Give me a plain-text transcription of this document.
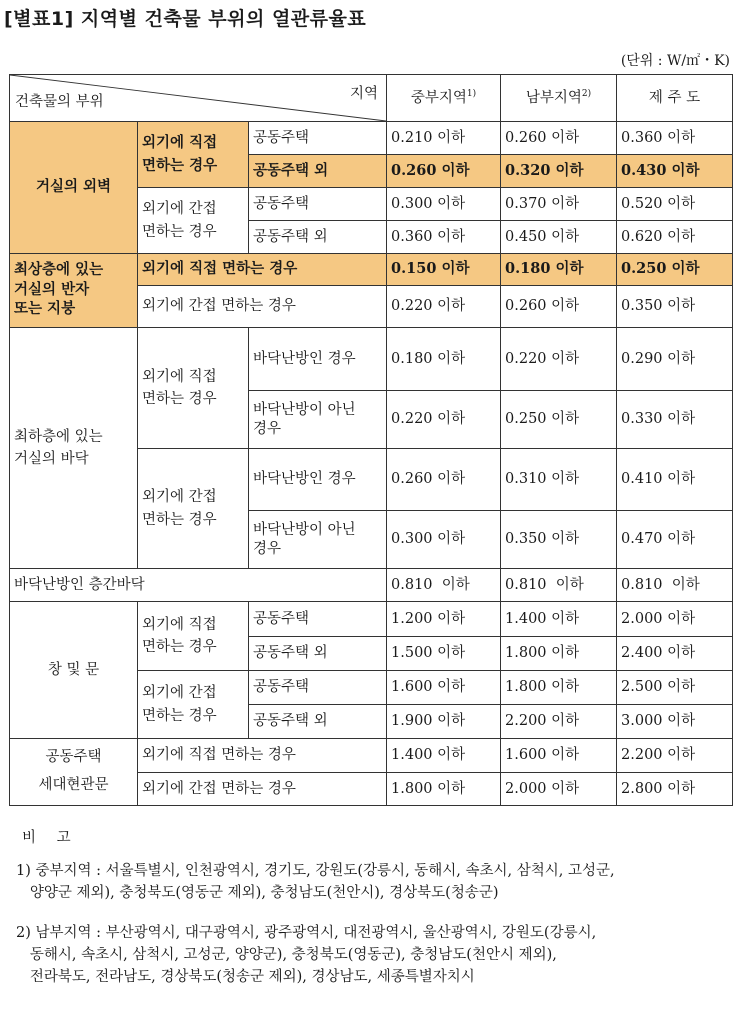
[별표1] 지역별 건축물 부위의 열관류율표
(단위 : W/㎡・K)
지역
건축물의 부위			중부지역$^{1)}$	남부지역$^{2)}$	제 주 도
거실의 외벽	외기에 직접
면하는 경우	공동주택	0.210 이하	0.260 이하	0.360 이하
		공동주택 외	0.260 이하	0.320 이하	0.430 이하
	외기에 간접
면하는 경우	공동주택	0.300 이하	0.370 이하	0.520 이하
		공동주택 외	0.360 이하	0.450 이하	0.620 이하
최상층에 있는
거실의 반자
또는 지붕	외기에 직접 면하는 경우		0.150 이하	0.180 이하	0.250 이하
	외기에 간접 면하는 경우		0.220 이하	0.260 이하	0.350 이하
최하층에 있는
거실의 바닥	외기에 직접
면하는 경우	바닥난방인 경우	0.180 이하	0.220 이하	0.290 이하
		바닥난방이 아닌
경우	0.220 이하	0.250 이하	0.330 이하
	외기에 간접
면하는 경우	바닥난방인 경우	0.260 이하	0.310 이하	0.410 이하
		바닥난방이 아닌
경우	0.300 이하	0.350 이하	0.470 이하
바닥난방인 층간바닥			0.810  이하	0.810  이하	0.810  이하
창 및 문	외기에 직접
면하는 경우	공동주택	1.200 이하	1.400 이하	2.000 이하
		공동주택 외	1.500 이하	1.800 이하	2.400 이하
	외기에 간접
면하는 경우	공동주택	1.600 이하	1.800 이하	2.500 이하
		공동주택 외	1.900 이하	2.200 이하	3.000 이하
공동주택
세대현관문	외기에 직접 면하는 경우		1.400 이하	1.600 이하	2.200 이하
	외기에 간접 면하는 경우		1.800 이하	2.000 이하	2.800 이하
비 고
1) 중부지역 : 서울특별시, 인천광역시, 경기도, 강원도(강릉시, 동해시, 속초시, 삼척시, 고성군,
양양군 제외), 충청북도(영동군 제외), 충청남도(천안시), 경상북도(청송군)
2) 남부지역 : 부산광역시, 대구광역시, 광주광역시, 대전광역시, 울산광역시, 강원도(강릉시,
동해시, 속초시, 삼척시, 고성군, 양양군), 충청북도(영동군), 충청남도(천안시 제외),
전라북도, 전라남도, 경상북도(청송군 제외), 경상남도, 세종특별자치시
